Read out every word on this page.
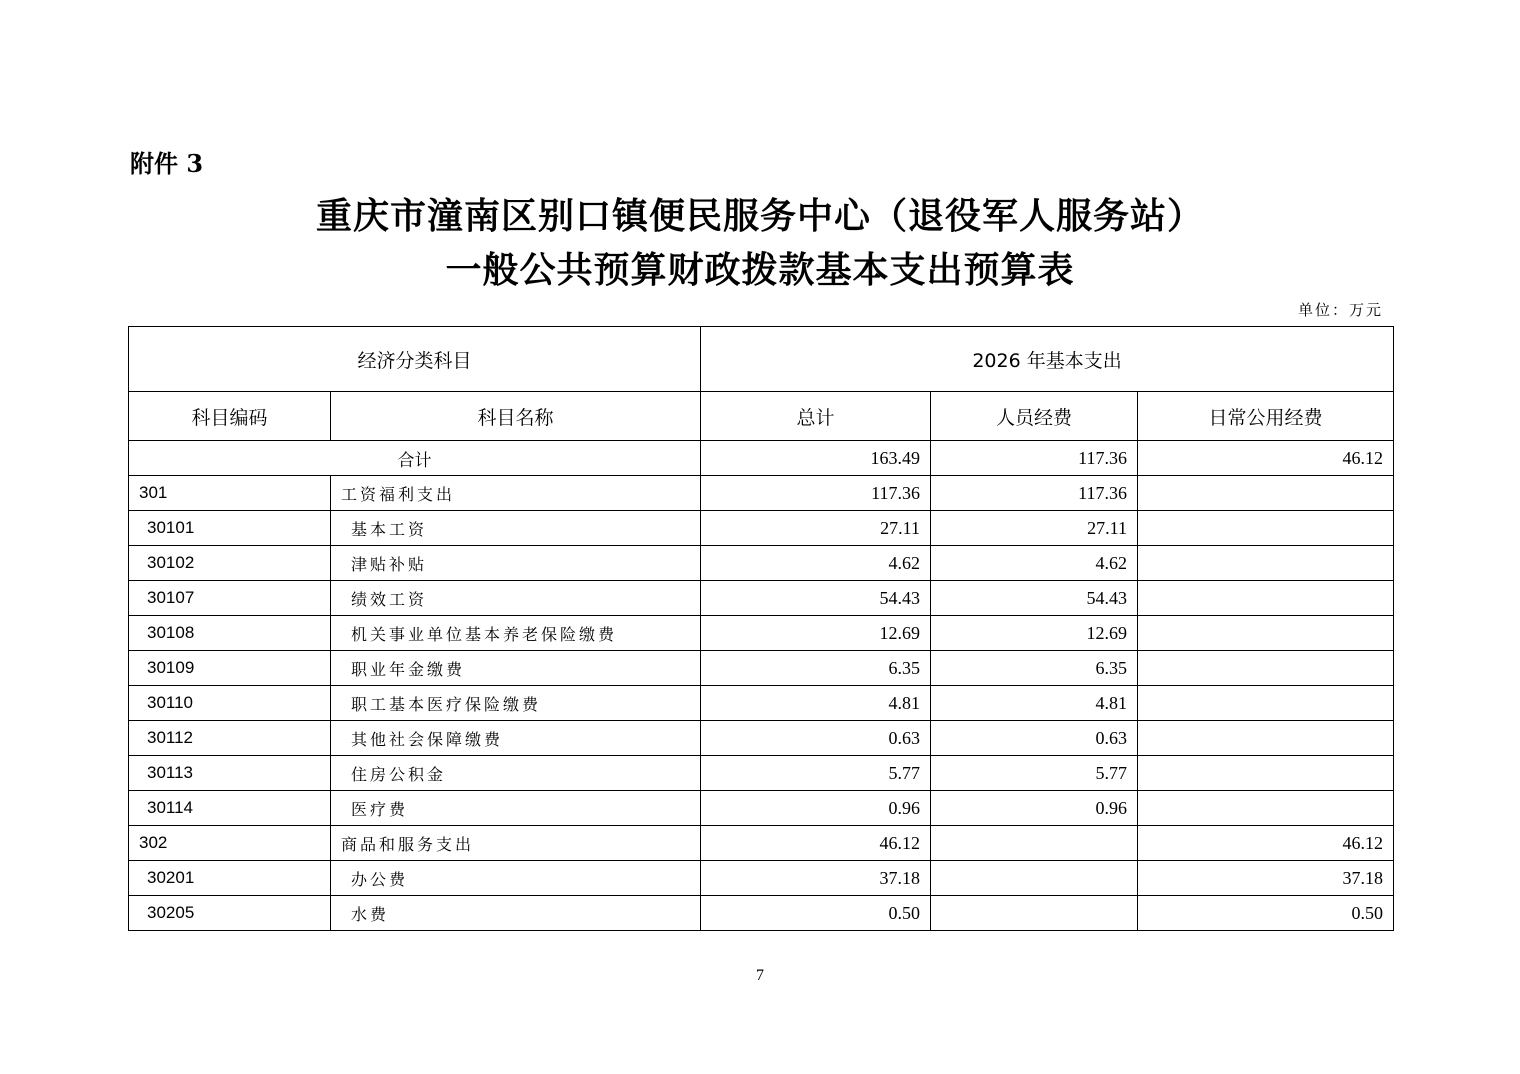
附件 3
重庆市潼南区别口镇便民服务中心（退役军人服务站）
一般公共预算财政拨款基本支出预算表
单位：万元
经济分类科目		2026 年基本支出		
科目编码	科目名称	总计	人员经费	日常公用经费
合计		163.49	117.36	46.12
301	工资福利支出	117.36	117.36	
30101	基本工资	27.11	27.11	
30102	津贴补贴	4.62	4.62	
30107	绩效工资	54.43	54.43	
30108	机关事业单位基本养老保险缴费	12.69	12.69	
30109	职业年金缴费	6.35	6.35	
30110	职工基本医疗保险缴费	4.81	4.81	
30112	其他社会保障缴费	0.63	0.63	
30113	住房公积金	5.77	5.77	
30114	医疗费	0.96	0.96	
302	商品和服务支出	46.12		46.12
30201	办公费	37.18		37.18
30205	水费	0.50		0.50
7
